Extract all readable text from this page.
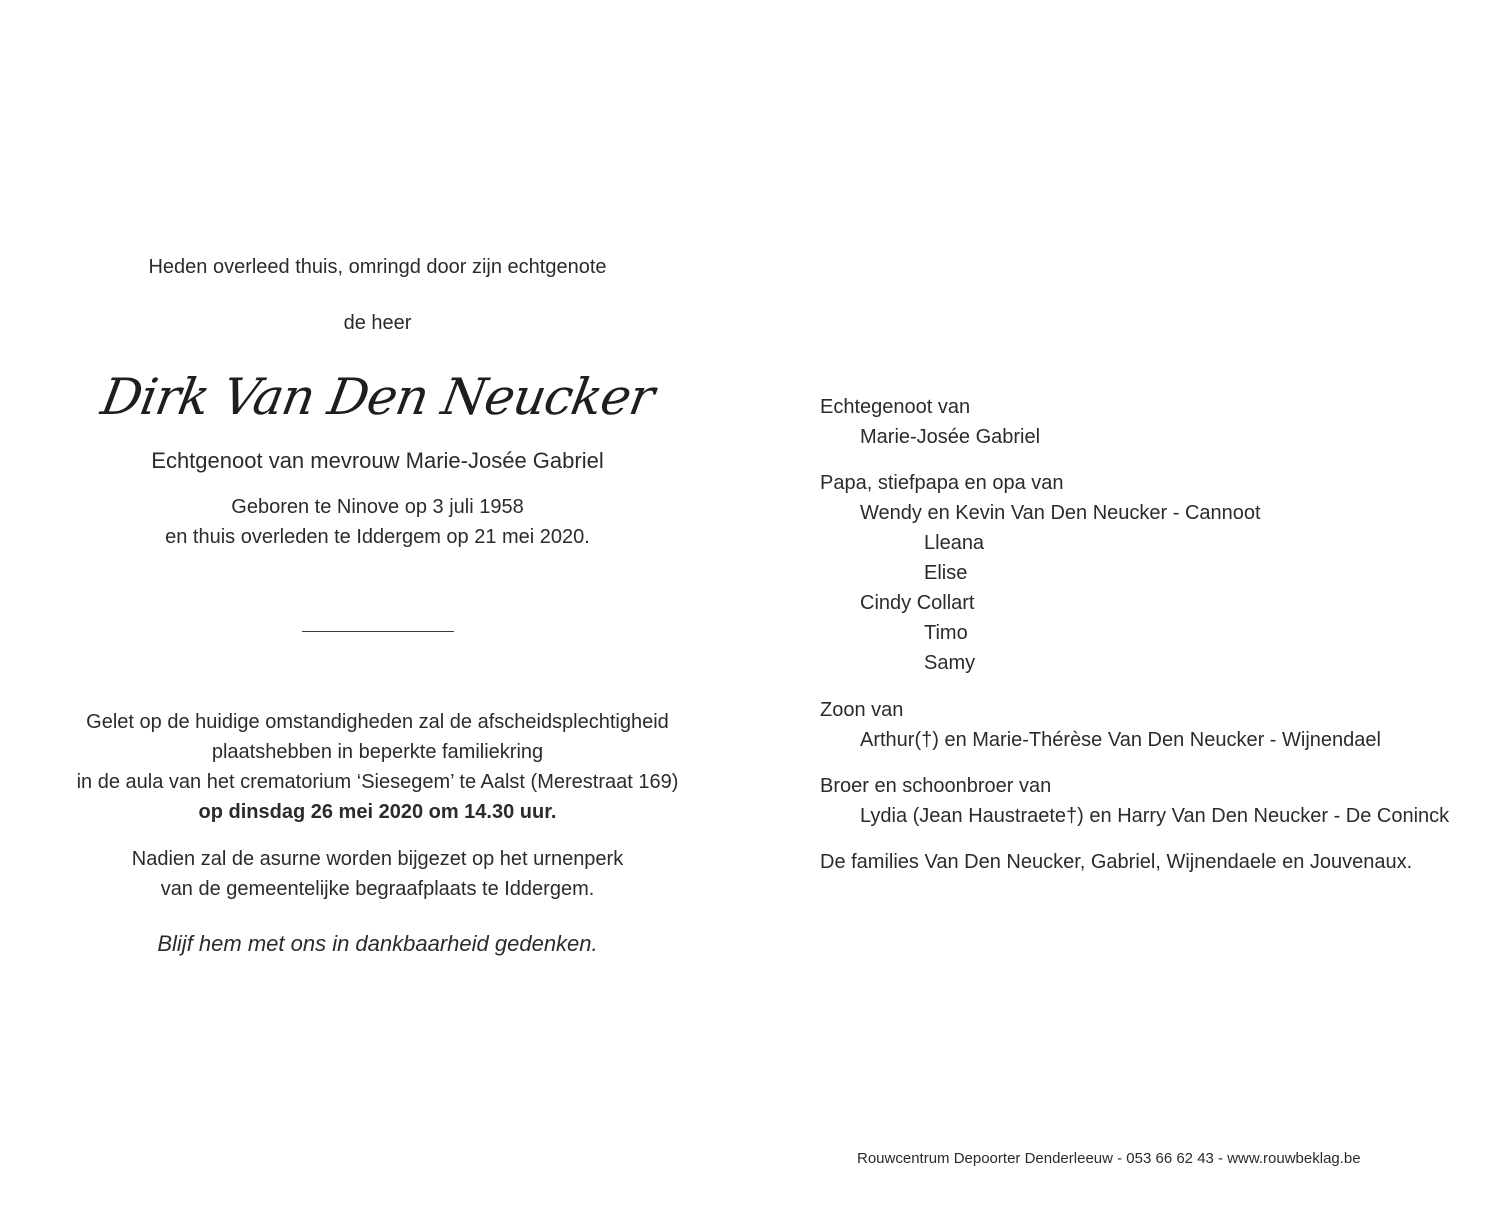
Heden overleed thuis, omringd door zijn echtgenote
de heer
Dirk Van Den Neucker
Echtgenoot van mevrouw Marie-Josée Gabriel
Geboren te Ninove op 3 juli 1958
en thuis overleden te Iddergem op 21 mei 2020.
Gelet op de huidige omstandigheden zal de afscheidsplechtigheid
plaatshebben in beperkte familiekring
in de aula van het crematorium ‘Siesegem’ te Aalst (Merestraat 169)
op dinsdag 26 mei 2020 om 14.30 uur.
Nadien zal de asurne worden bijgezet op het urnenperk
van de gemeentelijke begraafplaats te Iddergem.
Blijf hem met ons in dankbaarheid gedenken.
Echtegenoot van
Marie-Josée Gabriel
Papa, stiefpapa en opa van
Wendy en Kevin Van Den Neucker - Cannoot
Lleana
Elise
Cindy Collart
Timo
Samy
Zoon van
Arthur(†) en Marie-Thérèse Van Den Neucker - Wijnendael
Broer en schoonbroer van
Lydia (Jean Haustraete†) en Harry Van Den Neucker - De Coninck
De families Van Den Neucker, Gabriel, Wijnendaele en Jouvenaux.
Rouwcentrum Depoorter Denderleeuw - 053 66 62 43 - www.rouwbeklag.be
